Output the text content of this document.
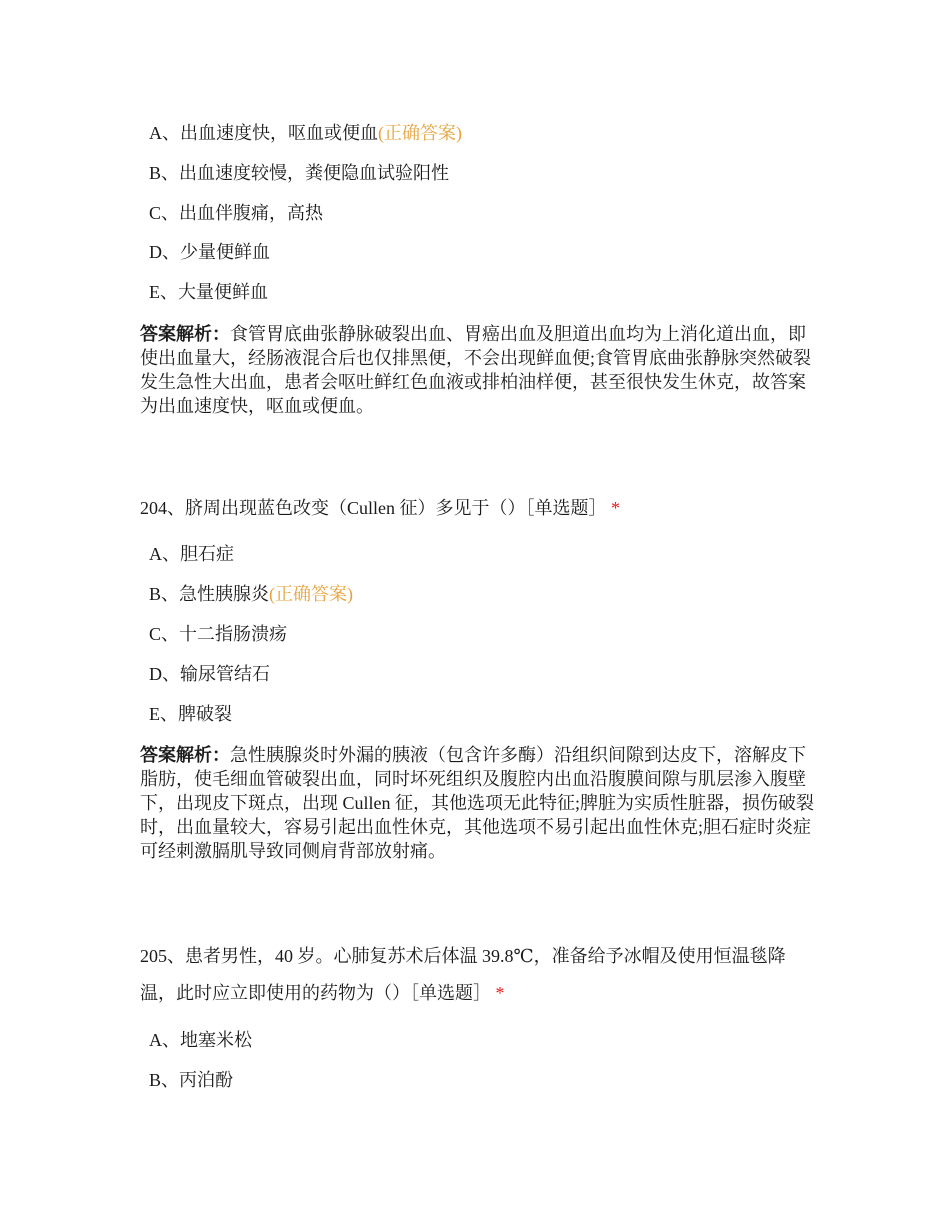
A、出血速度快，呕血或便血(正确答案)
B、出血速度较慢，粪便隐血试验阳性
C、出血伴腹痛，高热
D、少量便鲜血
E、大量便鲜血
答案解析：食管胃底曲张静脉破裂出血、胃癌出血及胆道出血均为上消化道出血，即使出血量大，经肠液混合后也仅排黑便，不会出现鲜血便;食管胃底曲张静脉突然破裂发生急性大出血，患者会呕吐鲜红色血液或排柏油样便，甚至很快发生休克，故答案为出血速度快，呕血或便血。
204、脐周出现蓝色改变（Cullen 征）多见于（）［单选题］ *
A、胆石症
B、急性胰腺炎(正确答案)
C、十二指肠溃疡
D、输尿管结石
E、脾破裂
答案解析：急性胰腺炎时外漏的胰液（包含许多酶）沿组织间隙到达皮下，溶解皮下脂肪，使毛细血管破裂出血，同时坏死组织及腹腔内出血沿腹膜间隙与肌层渗入腹壁下，出现皮下斑点，出现 Cullen 征，其他选项无此特征;脾脏为实质性脏器，损伤破裂时，出血量较大，容易引起出血性休克，其他选项不易引起出血性休克;胆石症时炎症可经刺激膈肌导致同侧肩背部放射痛。
205、患者男性，40 岁。心肺复苏术后体温 39.8℃，准备给予冰帽及使用恒温毯降温，此时应立即使用的药物为（）［单选题］ *
A、地塞米松
B、丙泊酚
